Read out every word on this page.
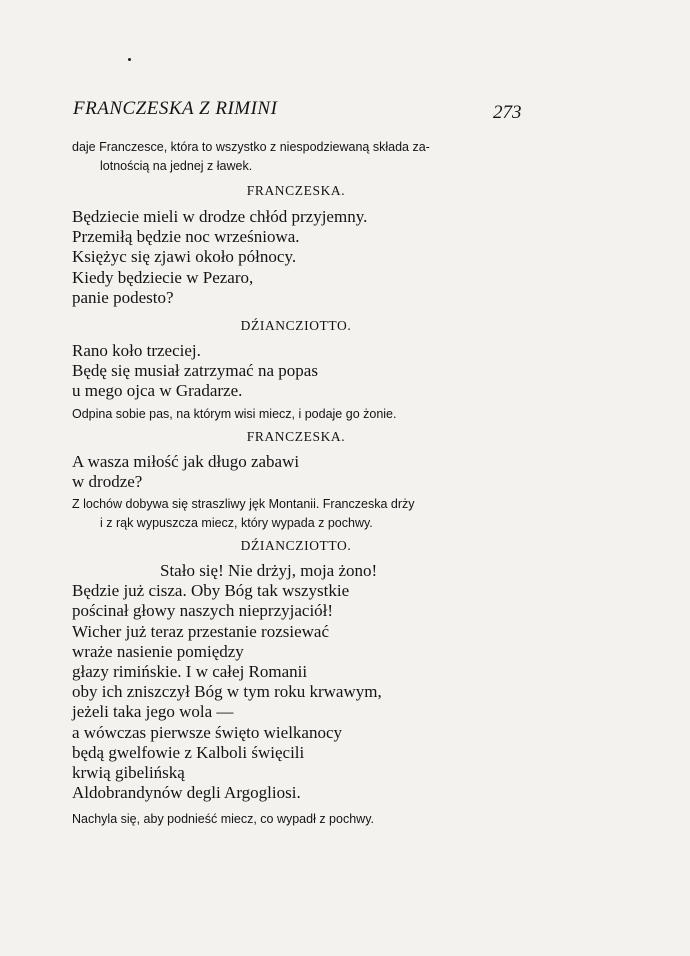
FRANCZESKA Z RIMINI	273
daje Franczesce, która to wszystko z niespodziewaną składa za-
lotnością na jednej z ławek.
FRANCZESKA.
Będziecie mieli w drodze chłód przyjemny.
Przemiłą będzie noc wrześniowa.
Księżyc się zjawi około północy.
Kiedy będziecie w Pezaro,
panie podesto?
DŹIANCZIOTTO.
Rano koło trzeciej.
Będę się musiał zatrzymać na popas
u mego ojca w Gradarze.
Odpina sobie pas, na którym wisi miecz, i podaje go żonie.
FRANCZESKA.
A wasza miłość jak długo zabawi
w drodze?
Z lochów dobywa się straszliwy jęk Montanii. Franczeska drży
i z rąk wypuszcza miecz, który wypada z pochwy.
DŹIANCZIOTTO.
Stało się! Nie drżyj, moja żono!
Będzie już cisza. Oby Bóg tak wszystkie
pościnał głowy naszych nieprzyjaciół!
Wicher już teraz przestanie rozsiewać
wraże nasienie pomiędzy
głazy rimińskie. I w całej Romanii
oby ich zniszczył Bóg w tym roku krwawym,
jeżeli taka jego wola —
a wówczas pierwsze święto wielkanocy
będą gwelfowie z Kalboli święcili
krwią gibelińską
Aldobrandynów degli Argogliosi.
Nachyla się, aby podnieść miecz, co wypadł z pochwy.
